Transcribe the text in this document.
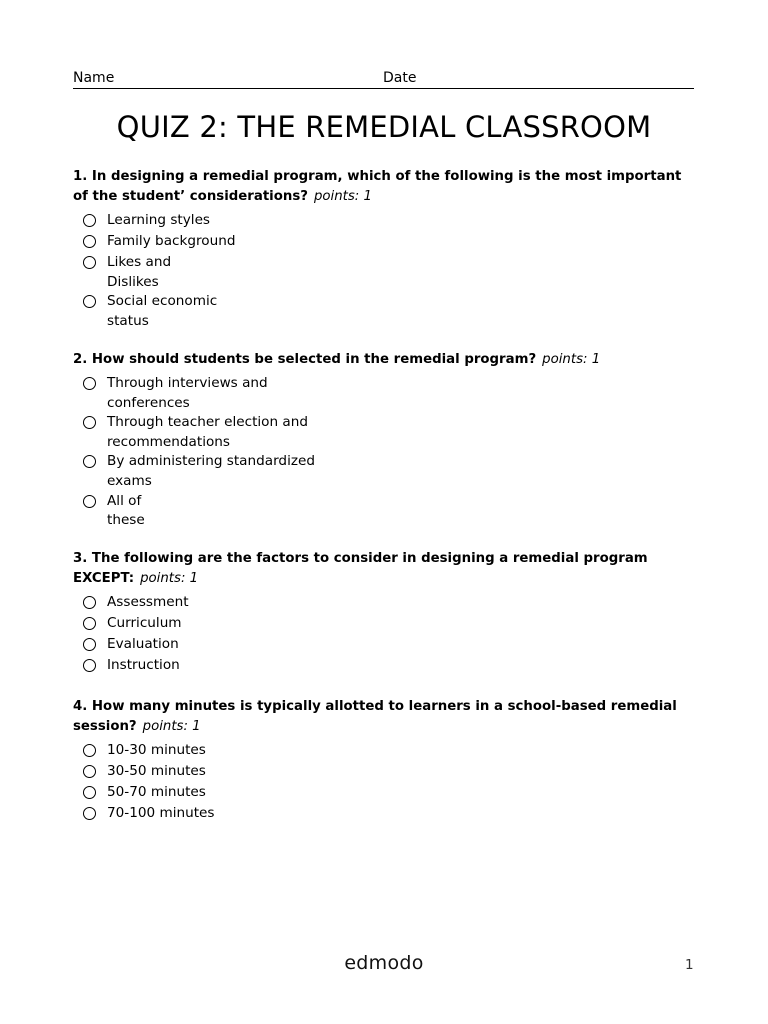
Name	Date
QUIZ 2: THE REMEDIAL CLASSROOM
1. In designing a remedial program, which of the following is the most important of the student’ considerations? points: 1
Learning styles
Family background
Likes and
Dislikes
Social economic
status
2. How should students be selected in the remedial program? points: 1
Through interviews and
conferences
Through teacher election and
recommendations
By administering standardized
exams
All of
these
3. The following are the factors to consider in designing a remedial program EXCEPT: points: 1
Assessment
Curriculum
Evaluation
Instruction
4. How many minutes is typically allotted to learners in a school-based remedial session? points: 1
10-30 minutes
30-50 minutes
50-70 minutes
70-100 minutes
edmodo	1
